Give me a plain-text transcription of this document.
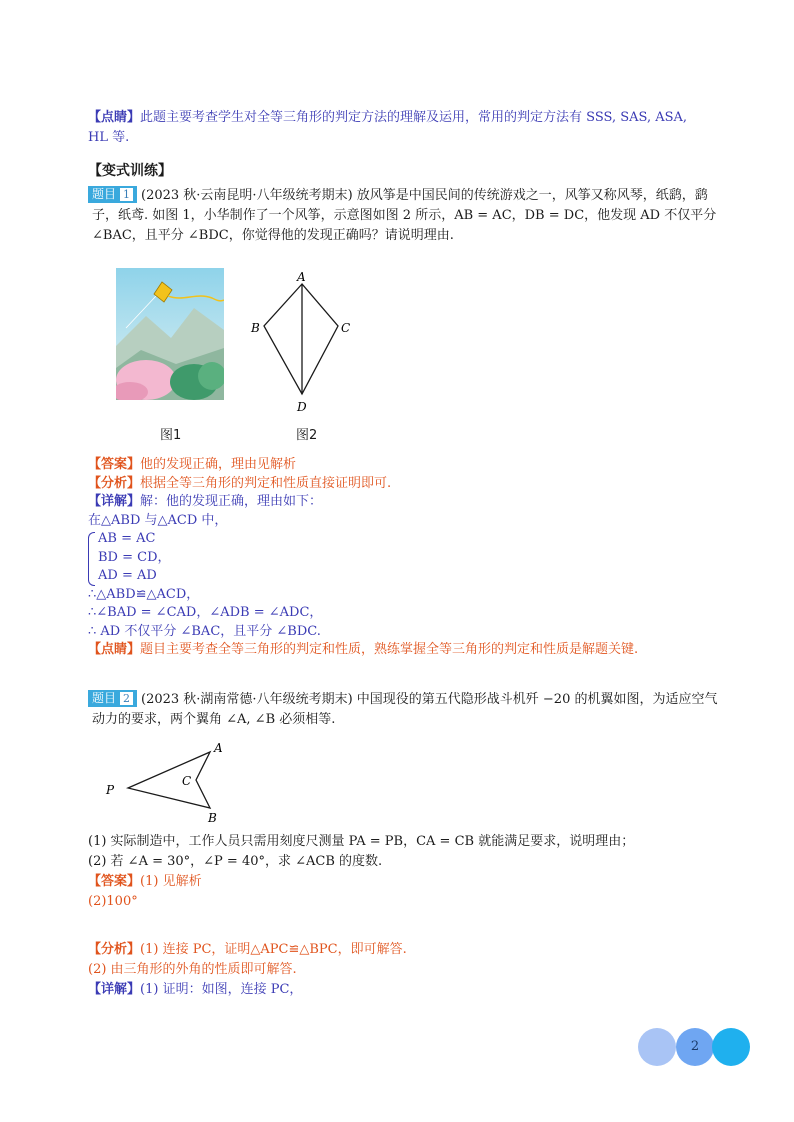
【点睛】此题主要考查学生对全等三角形的判定方法的理解及运用，常用的判定方法有 SSS, SAS, ASA,
HL 等.
【变式训练】
题目 1 (2023 秋·云南昆明·八年级统考期末) 放风筝是中国民间的传统游戏之一，风筝又称风琴，纸鹞，鹞
子，纸鸢. 如图 1，小华制作了一个风筝，示意图如图 2 所示，AB = AC，DB = DC，他发现 AD 不仅平分
∠BAC，且平分 ∠BDC，你觉得他的发现正确吗？请说明理由.
图1
A
B	C
D
图2
【答案】他的发现正确，理由见解析
【分析】根据全等三角形的判定和性质直接证明即可.
【详解】解：他的发现正确，理由如下：
在△ABD 与△ACD 中，
AB = AC
BD = CD，
AD = AD
∴△ABD≌△ACD，
∴∠BAD = ∠CAD，∠ADB = ∠ADC，
∴ AD 不仅平分 ∠BAC，且平分 ∠BDC.
【点睛】题目主要考查全等三角形的判定和性质，熟练掌握全等三角形的判定和性质是解题关键.
题目 2 (2023 秋·湖南常德·八年级统考期末) 中国现役的第五代隐形战斗机歼 −20 的机翼如图，为适应空气
动力的要求，两个翼角 ∠A, ∠B 必须相等.
A
P
C
B
(1) 实际制造中，工作人员只需用刻度尺测量 PA = PB，CA = CB 就能满足要求，说明理由；
(2) 若 ∠A = 30°，∠P = 40°，求 ∠ACB 的度数.
【答案】(1) 见解析
(2)100°
【分析】(1) 连接 PC，证明△APC≌△BPC，即可解答.
(2) 由三角形的外角的性质即可解答.
【详解】(1) 证明：如图，连接 PC，
2
